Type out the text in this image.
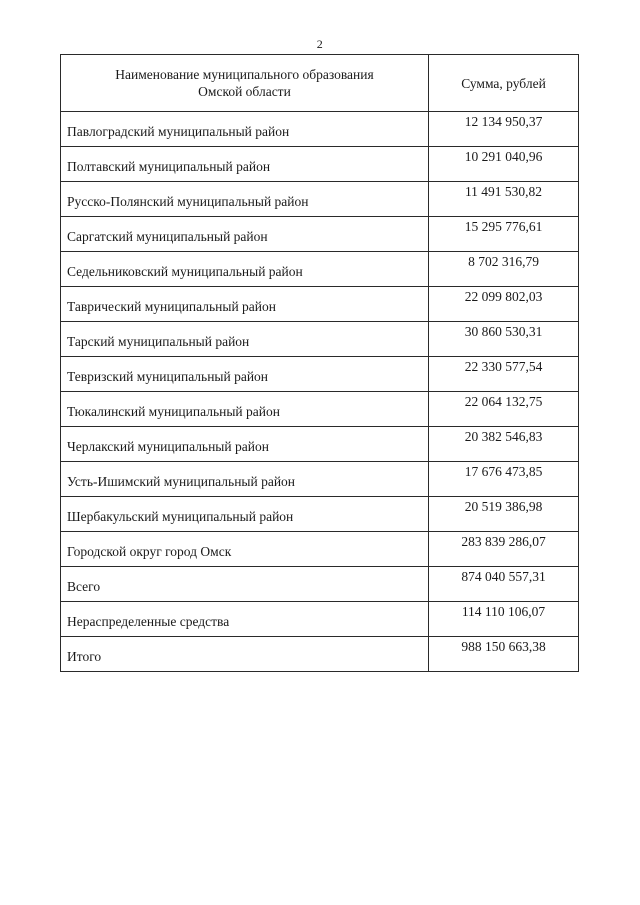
2
Наименование муниципального образования
Омской области	Сумма, рублей
Павлоградский муниципальный район	12 134 950,37
Полтавский муниципальный район	10 291 040,96
Русско-Полянский муниципальный район	11 491 530,82
Саргатский муниципальный район	15 295 776,61
Седельниковский муниципальный район	8 702 316,79
Таврический муниципальный район	22 099 802,03
Тарский муниципальный район	30 860 530,31
Тевризский муниципальный район	22 330 577,54
Тюкалинский муниципальный район	22 064 132,75
Черлакский муниципальный район	20 382 546,83
Усть-Ишимский муниципальный район	17 676 473,85
Шербакульский муниципальный район	20 519 386,98
Городской округ город Омск	283 839 286,07
Всего	874 040 557,31
Нераспределенные средства	114 110 106,07
Итого	988 150 663,38
